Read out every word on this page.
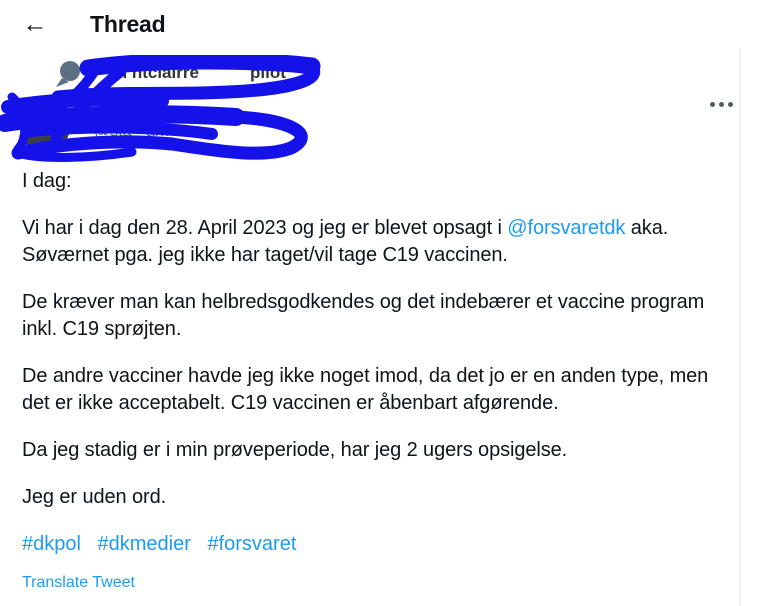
← Thread
m ntclairre	pilot
@sta arn

I dag:

Vi har i dag den 28. April 2023 og jeg er blevet opsagt i @forsvaretdk aka. Søværnet pga. jeg ikke har taget/vil tage C19 vaccinen.

De kræver man kan helbredsgodkendes og det indebærer et vaccine program inkl. C19 sprøjten.

De andre vacciner havde jeg ikke noget imod, da det jo er en anden type, men det er ikke acceptabelt. C19 vaccinen er åbenbart afgørende.

Da jeg stadig er i min prøveperiode, har jeg 2 ugers opsigelse.

Jeg er uden ord.

#dkpol #dkmedier #forsvaret
Translate Tweet
